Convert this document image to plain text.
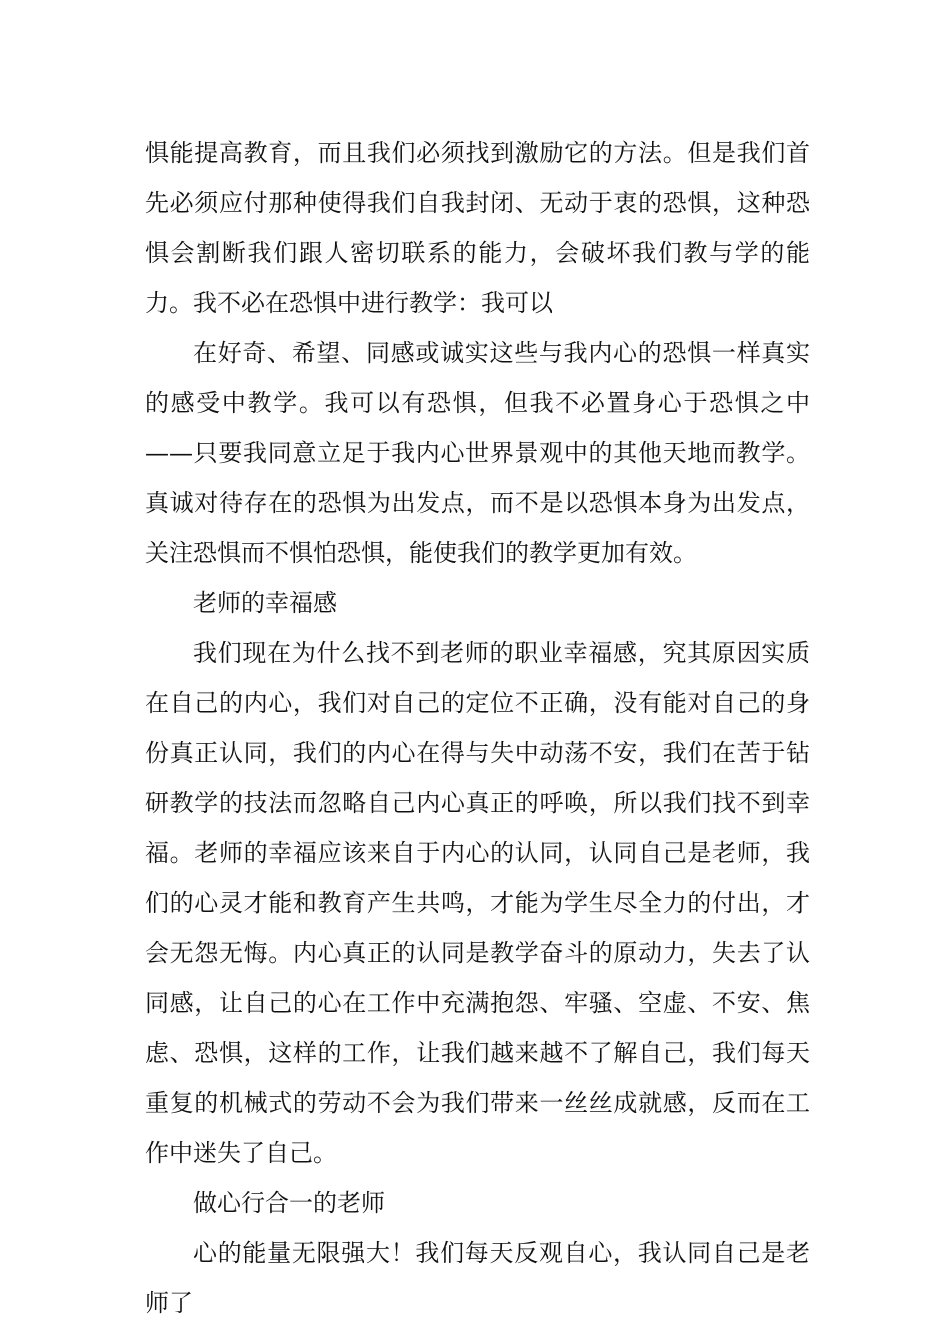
惧能提高教育，而且我们必须找到激励它的方法。但是我们首先必须应付那种使得我们自我封闭、无动于衷的恐惧，这种恐惧会割断我们跟人密切联系的能力，会破坏我们教与学的能力。我不必在恐惧中进行教学：我可以

在好奇、希望、同感或诚实这些与我内心的恐惧一样真实的感受中教学。我可以有恐惧，但我不必置身心于恐惧之中——只要我同意立足于我内心世界景观中的其他天地而教学。真诚对待存在的恐惧为出发点，而不是以恐惧本身为出发点，关注恐惧而不惧怕恐惧，能使我们的教学更加有效。

老师的幸福感

我们现在为什么找不到老师的职业幸福感，究其原因实质在自己的内心，我们对自己的定位不正确，没有能对自己的身份真正认同，我们的内心在得与失中动荡不安，我们在苦于钻研教学的技法而忽略自己内心真正的呼唤，所以我们找不到幸福。老师的幸福应该来自于内心的认同，认同自己是老师，我们的心灵才能和教育产生共鸣，才能为学生尽全力的付出，才会无怨无悔。内心真正的认同是教学奋斗的原动力，失去了认同感，让自己的心在工作中充满抱怨、牢骚、空虚、不安、焦虑、恐惧，这样的工作，让我们越来越不了解自己，我们每天重复的机械式的劳动不会为我们带来一丝丝成就感，反而在工作中迷失了自己。

做心行合一的老师

心的能量无限强大！我们每天反观自心，我认同自己是老师了
